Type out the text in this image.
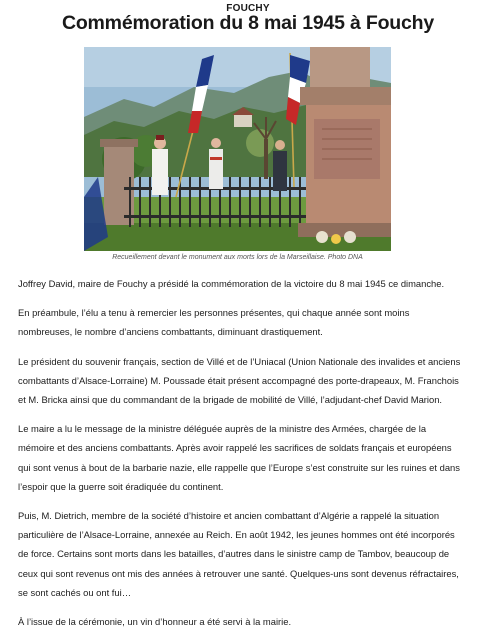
FOUCHY
Commémoration du 8 mai 1945 à Fouchy
Recueillement devant le monument aux morts lors de la Marseillaise. Photo DNA

Joffrey David, maire de Fouchy a présidé la commémoration de la victoire du 8 mai 1945 ce dimanche.

En préambule, l’élu a tenu à remercier les personnes présentes, qui chaque année sont moins nombreuses, le nombre d’anciens combattants, diminuant drastiquement.

Le président du souvenir français, section de Villé et de l’Uniacal (Union Nationale des invalides et anciens combattants d’Alsace-Lorraine) M. Poussade était présent accompagné des porte-drapeaux, M. Franchois et M. Bricka ainsi que du commandant de la brigade de mobilité de Villé, l’adjudant-chef David Marion.

Le maire a lu le message de la ministre déléguée auprès de la ministre des Armées, chargée de la mémoire et des anciens combattants. Après avoir rappelé les sacrifices de soldats français et européens qui sont venus à bout de la barbarie nazie, elle rappelle que l’Europe s’est construite sur les ruines et dans l’espoir que la guerre soit éradiquée du continent.

Puis, M. Dietrich, membre de la société d’histoire et ancien combattant d’Algérie a rappelé la situation particulière de l’Alsace-Lorraine, annexée au Reich. En août 1942, les jeunes hommes ont été incorporés de force. Certains sont morts dans les batailles, d’autres dans le sinistre camp de Tambov, beaucoup de ceux qui sont revenus ont mis des années à retrouver une santé. Quelques-uns sont devenus réfractaires, se sont cachés ou ont fui…

À l’issue de la cérémonie, un vin d’honneur a été servi à la mairie.
